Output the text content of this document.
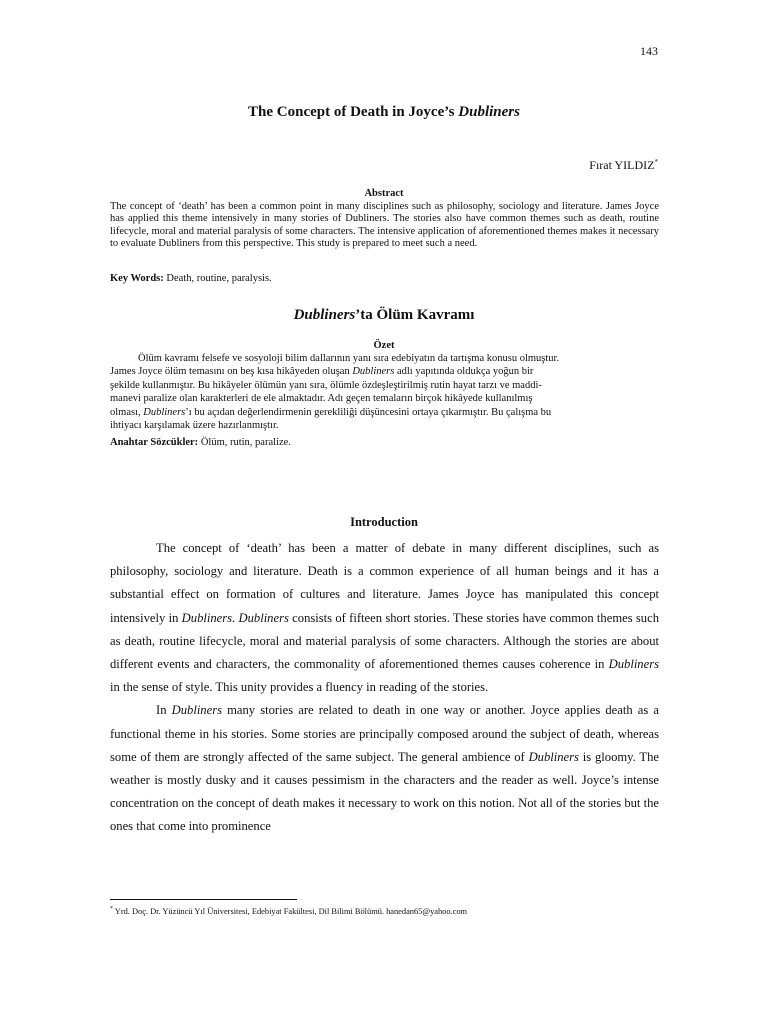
143
The Concept of Death in Joyce’s Dubliners
Fırat YILDIZ*
Abstract

The concept of ‘death’ has been a common point in many disciplines such as philosophy, sociology and literature. James Joyce has applied this theme intensively in many stories of Dubliners. The stories also have common themes such as death, routine lifecycle, moral and material paralysis of some characters. The intensive application of aforementioned themes makes it necessary to evaluate Dubliners from this perspective. This study is prepared to meet such a need.

Key Words: Death, routine, paralysis.

Dubliners’ta Ölüm Kavramı
Özet
Ölüm kavramı felsefe ve sosyoloji bilim dallarının yanı sıra edebiyatın da tartışma konusu olmuştur.
James Joyce ölüm temasını on beş kısa hikâyeden oluşan Dubliners adlı yapıtında oldukça yoğun bir
şekilde kullanmıştır. Bu hikâyeler ölümün yanı sıra, ölümle özdeşleştirilmiş rutin hayat tarzı ve maddi-
manevi paralize olan karakterleri de ele almaktadır. Adı geçen temaların birçok hikâyede kullanılmış
olması, Dubliners’ı bu açıdan değerlendirmenin gerekliliği düşüncesini ortaya çıkarmıştır. Bu çalışma bu
ihtiyacı karşılamak üzere hazırlanmıştır.

Anahtar Sözcükler: Ölüm, rutin, paralize.

Introduction

The concept of ‘death’ has been a matter of debate in many different disciplines, such as philosophy, sociology and literature. Death is a common experience of all human beings and it has a substantial effect on formation of cultures and literature. James Joyce has manipulated this concept intensively in Dubliners. Dubliners consists of fifteen short stories. These stories have common themes such as death, routine lifecycle, moral and material paralysis of some characters. Although the stories are about different events and characters, the commonality of aforementioned themes causes coherence in Dubliners in the sense of style. This unity provides a fluency in reading of the stories.

In Dubliners many stories are related to death in one way or another. Joyce applies death as a functional theme in his stories. Some stories are principally composed around the subject of death, whereas some of them are strongly affected of the same subject. The general ambience of Dubliners is gloomy. The weather is mostly dusky and it causes pessimism in the characters and the reader as well. Joyce’s intense concentration on the concept of death makes it necessary to work on this notion. Not all of the stories but the ones that come into prominence

* Yrd. Doç. Dr. Yüzüncü Yıl Üniversitesi, Edebiyat Fakültesi, Dil Bilimi Bölümü. hanedan65@yahoo.com
